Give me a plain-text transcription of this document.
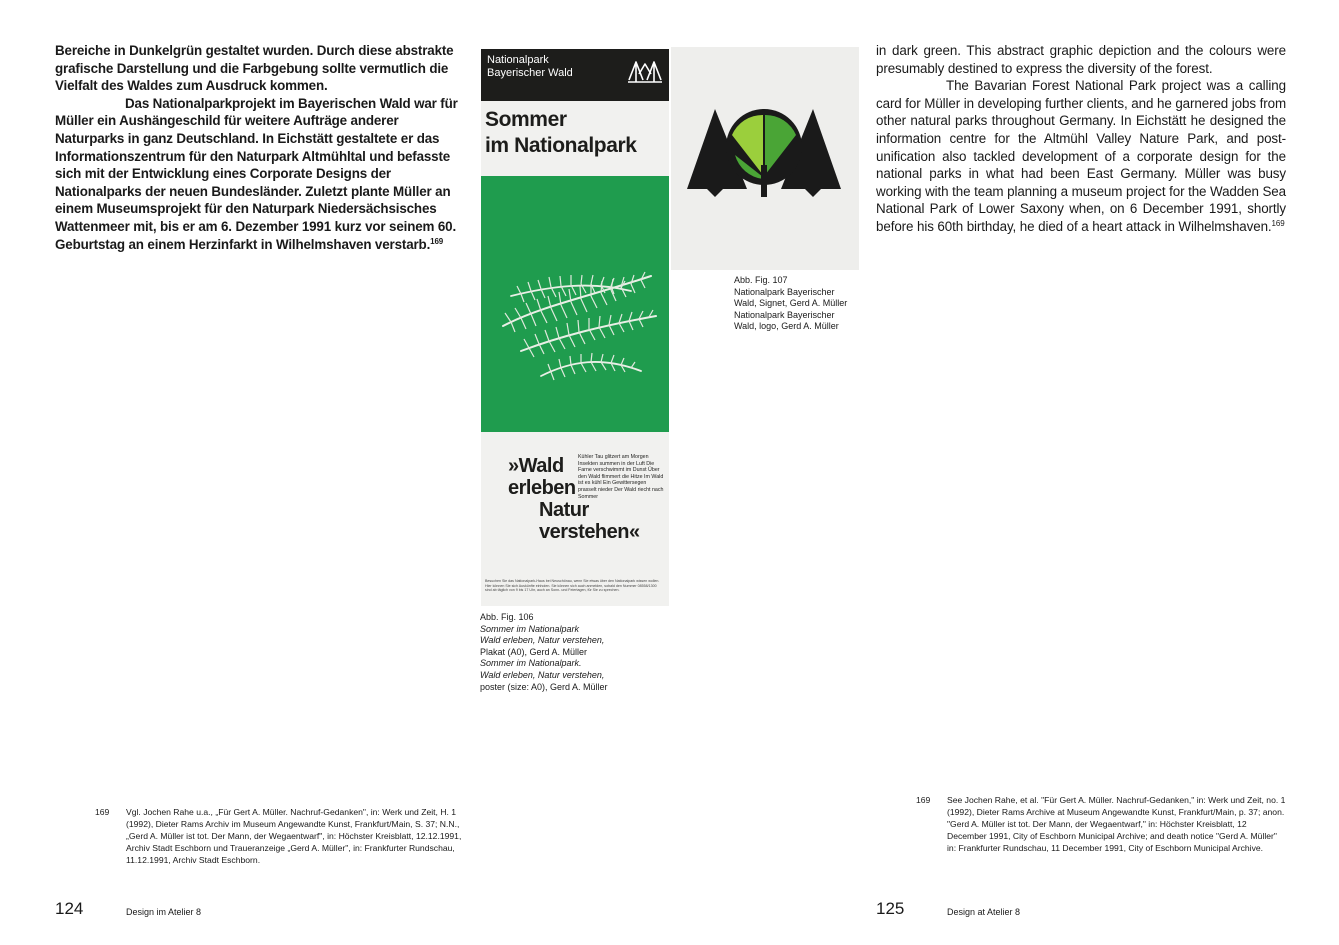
Bereiche in Dunkelgrün gestaltet wurden. Durch diese abstrakte grafische Darstellung und die Farbgebung sollte vermutlich die Vielfalt des Waldes zum Ausdruck kommen.

Das Nationalparkprojekt im Bayerischen Wald war für Müller ein Aushängeschild für weitere Aufträge anderer Naturparks in ganz Deutschland. In Eichstätt gestaltete er das Informationszentrum für den Naturpark Altmühltal und befasste sich mit der Entwicklung eines Corporate Designs der Nationalparks der neuen Bundesländer. Zuletzt plante Müller an einem Museumsprojekt für den Naturpark Niedersächsisches Wattenmeer mit, bis er am 6. Dezember 1991 kurz vor seinem 60. Geburtstag an einem Herzinfarkt in Wilhelmshaven verstarb.$^{169}$

Nationalpark
Bayerischer Wald
Sommer
im Nationalpark
»Wald
erleben
Natur
verstehen«
Kühler Tau glitzert am Morgen Insekten summen in der Luft Die Farne verschwimmt im Dunst Über den Wald flimmert die Hitze Im Wald ist es kühl Ein Gewittersegen prasselt nieder Der Wald riecht nach Sommer
Besuchen Sie das Nationalpark-Haus bei Neuschönau, wenn Sie etwas über den Nationalpark wissen wollen. Hier können Sie sich Auskünfte einholen. Sie können sich auch anmelden, sobald den Nummer 08558/1300 sind ab täglich von 9 bis 17 Uhr, auch an Sonn- und Feiertagen, für Sie zu sprechen.
Abb. Fig. 107
Nationalpark Bayerischer
Wald, Signet, Gerd A. Müller
Nationalpark Bayerischer
Wald, logo, Gerd A. Müller
Abb. Fig. 106
Sommer im Nationalpark
Wald erleben, Natur verstehen,
Plakat (A0), Gerd A. Müller
Sommer im Nationalpark.
Wald erleben, Natur verstehen,
poster (size: A0), Gerd A. Müller

in dark green. This abstract graphic depiction and the colours were presumably destined to express the diversity of the forest.

The Bavarian Forest National Park project was a calling card for Müller in developing further clients, and he garnered jobs from other natural parks throughout Germany. In Eichstätt he designed the information centre for the Altmühl Valley Nature Park, and post-unification also tackled development of a corporate design for the national parks in what had been East Germany. Müller was busy working with the team planning a museum project for the Wadden Sea National Park of Lower Saxony when, on 6 December 1991, shortly before his 60th birthday, he died of a heart attack in Wilhelmshaven.$^{169}$

169 Vgl. Jochen Rahe u.a., „Für Gert A. Müller. Nachruf-Gedanken", in: Werk und Zeit, H. 1 (1992), Dieter Rams Archiv im Museum Angewandte Kunst, Frankfurt/Main, S. 37; N.N., „Gerd A. Müller ist tot. Der Mann, der Wegaentwarf", in: Höchster Kreisblatt, 12.12.1991, Archiv Stadt Eschborn und Traueranzeige „Gerd A. Müller", in: Frankfurter Rundschau, 11.12.1991, Archiv Stadt Eschborn.
169 See Jochen Rahe, et al. "Für Gert A. Müller. Nachruf-Gedanken," in: Werk und Zeit, no. 1 (1992), Dieter Rams Archive at Museum Angewandte Kunst, Frankfurt/Main, p. 37; anon. "Gerd A. Müller ist tot. Der Mann, der Wegaentwarf," in: Höchster Kreisblatt, 12 December 1991, City of Eschborn Municipal Archive; and death notice "Gerd A. Müller" in: Frankfurter Rundschau, 11 December 1991, City of Eschborn Municipal Archive.
124	Design im Atelier 8	125	Design at Atelier 8
